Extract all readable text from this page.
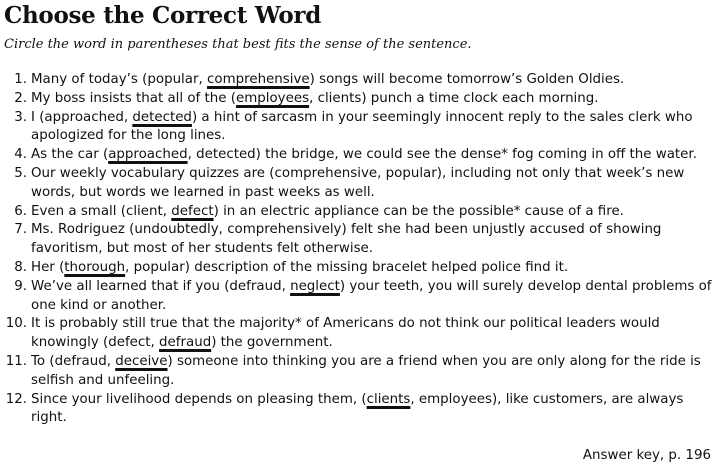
Choose the Correct Word
Circle the word in parentheses that best fits the sense of the sentence.
1. Many of today’s (popular, comprehensive) songs will become tomorrow’s Golden Oldies.
2. My boss insists that all of the (employees, clients) punch a time clock each morning.
3. I (approached, detected) a hint of sarcasm in your seemingly innocent reply to the sales clerk who apologized for the long lines.
4. As the car (approached, detected) the bridge, we could see the dense* fog coming in off the water.
5. Our weekly vocabulary quizzes are (comprehensive, popular), including not only that week’s new words, but words we learned in past weeks as well.
6. Even a small (client, defect) in an electric appliance can be the possible* cause of a fire.
7. Ms. Rodriguez (undoubtedly, comprehensively) felt she had been unjustly accused of showing favoritism, but most of her students felt otherwise.
8. Her (thorough, popular) description of the missing bracelet helped police find it.
9. We’ve all learned that if you (defraud, neglect) your teeth, you will surely develop dental problems of one kind or another.
10. It is probably still true that the majority* of Americans do not think our political leaders would knowingly (defect, defraud) the government.
11. To (defraud, deceive) someone into thinking you are a friend when you are only along for the ride is selfish and unfeeling.
12. Since your livelihood depends on pleasing them, (clients, employees), like customers, are always right.
Answer key, p. 196
